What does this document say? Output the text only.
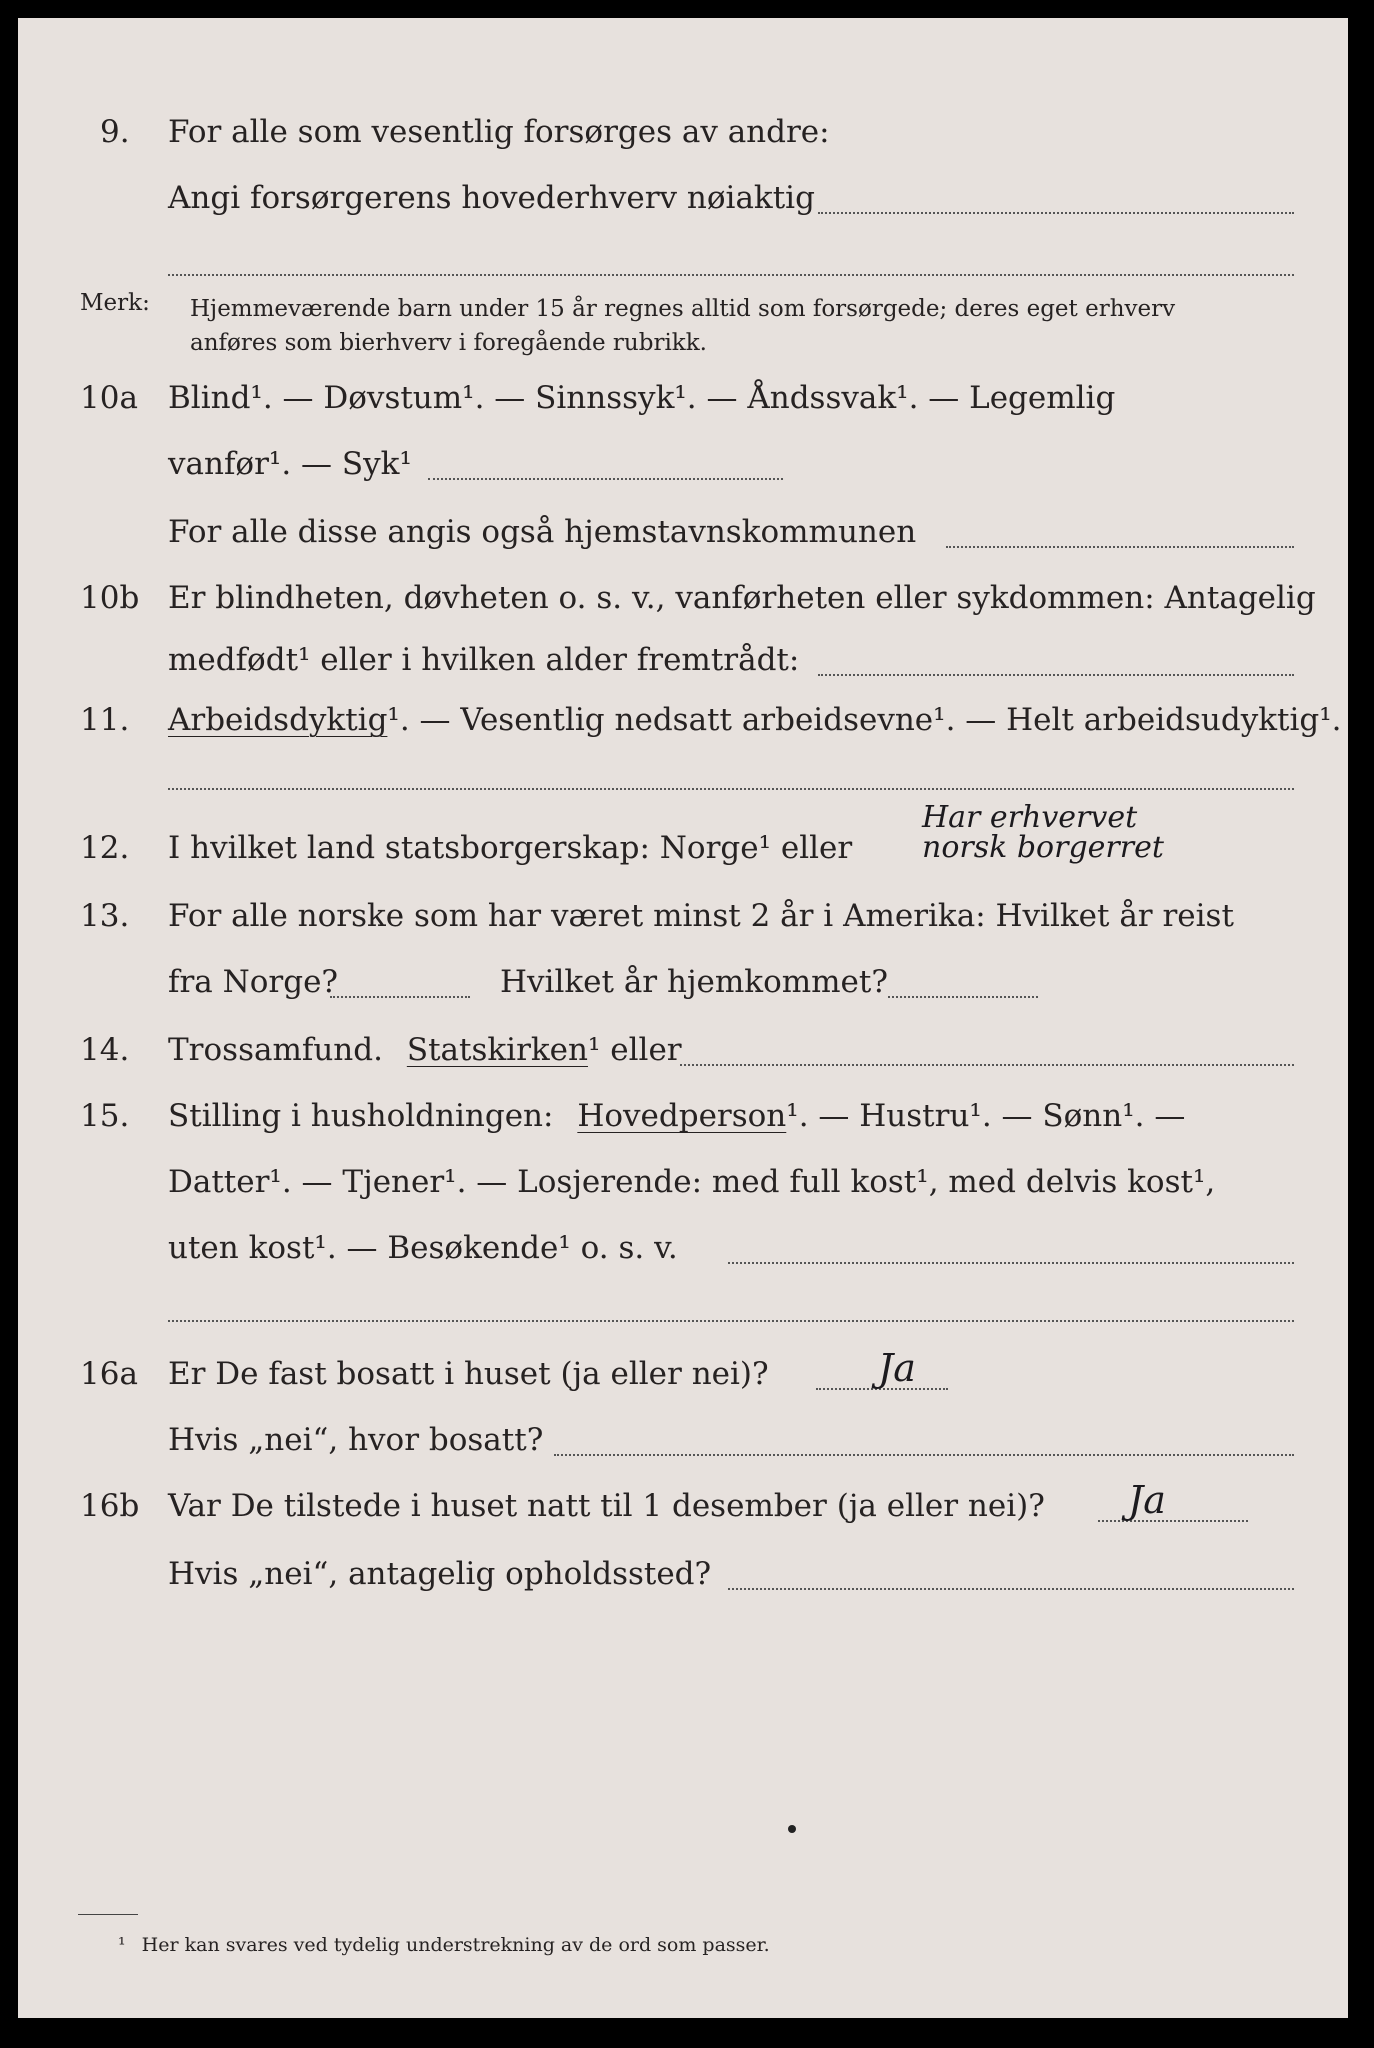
9. For alle som vesentlig forsørges av andre:
Angi forsørgerens hovederhverv nøiaktig
Merk: Hjemmeværende barn under 15 år regnes alltid som forsørgede; deres eget erhverv
anføres som bierhverv i foregående rubrikk.
10a Blind¹. — Døvstum¹. — Sinnssyk¹. — Åndssvak¹. — Legemlig
vanfør¹. — Syk¹
For alle disse angis også hjemstavnskommunen
10b Er blindheten, døvheten o. s. v., vanførheten eller sykdommen: Antagelig
medfødt¹ eller i hvilken alder fremtrådt:
11. Arbeidsdyktig¹. — Vesentlig nedsatt arbeidsevne¹. — Helt arbeidsudyktig¹.
Har erhvervet
12. I hvilket land statsborgerskap: Norge¹ eller norsk borgerret
13. For alle norske som har været minst 2 år i Amerika: Hvilket år reist
fra Norge?	Hvilket år hjemkommet?
14. Trossamfund. Statskirken¹ eller
15. Stilling i husholdningen: Hovedperson¹. — Hustru¹. — Sønn¹. —
Datter¹. — Tjener¹. — Losjerende: med full kost¹, med delvis kost¹,
uten kost¹. — Besøkende¹ o. s. v.
16a Er De fast bosatt i huset (ja eller nei)?	Ja
Hvis „nei“, hvor bosatt?
16b Var De tilstede i huset natt til 1 desember (ja eller nei)? Ja
Hvis „nei“, antagelig opholdssted?
¹ Her kan svares ved tydelig understrekning av de ord som passer.
